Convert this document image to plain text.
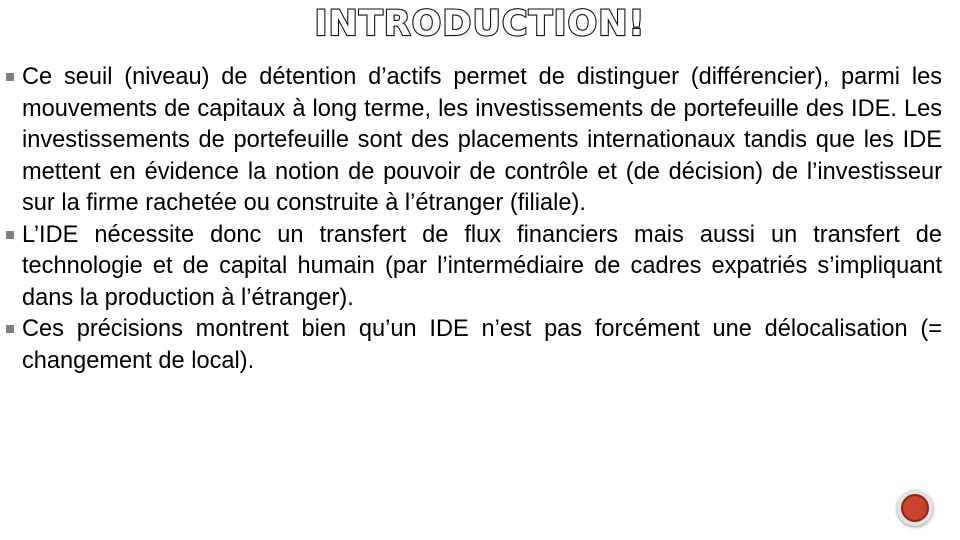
INTRODUCTION!

Ce seuil (niveau) de détention d’actifs permet de distinguer (différencier), parmi les mouvements de capitaux à long terme, les investissements de portefeuille des IDE. Les investissements de portefeuille sont des placements internationaux tandis que les IDE mettent en évidence la notion de pouvoir de contrôle et (de décision) de l’investisseur sur la firme rachetée ou construite à l’étranger (filiale).

L’IDE nécessite donc un transfert de flux financiers mais aussi un transfert de technologie et de capital humain (par l’intermédiaire de cadres expatriés s’impliquant dans la production à l’étranger).

Ces précisions montrent bien qu’un IDE n’est pas forcément une délocalisation (= changement de local).
